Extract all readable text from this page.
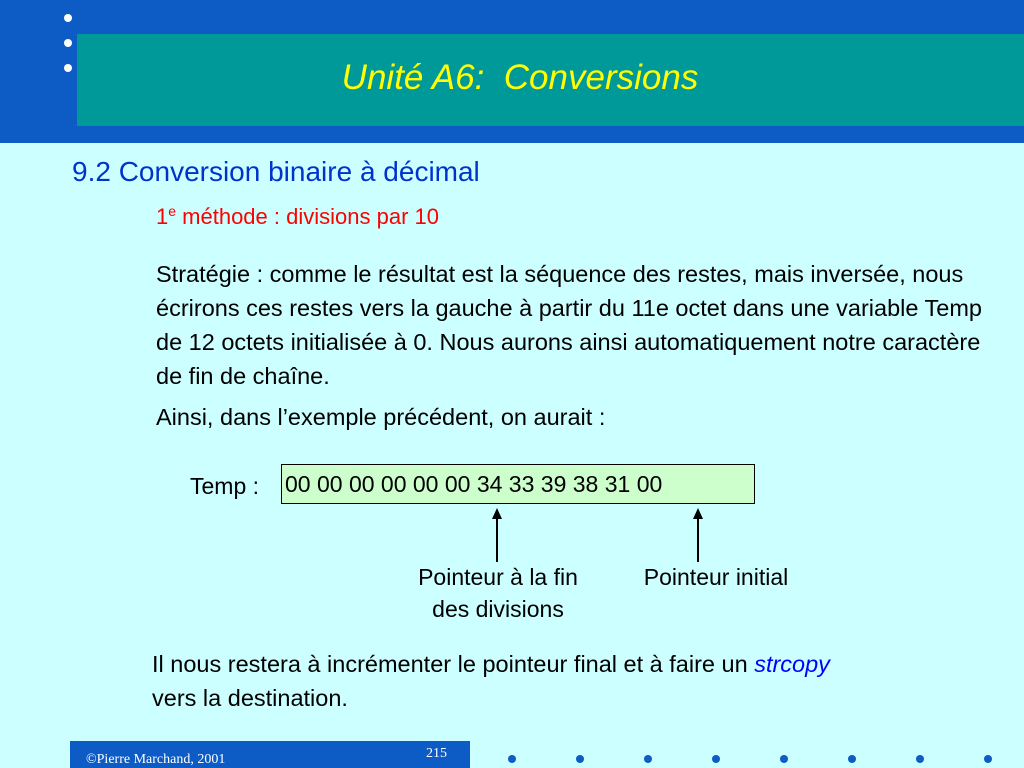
Unité A6:  Conversions
9.2 Conversion binaire à décimal
1e méthode : divisions par 10
Stratégie : comme le résultat est la séquence des restes, mais inversée, nous écrirons ces restes vers la gauche à partir du 11e octet dans une variable Temp de 12 octets initialisée à 0. Nous aurons ainsi automatiquement notre caractère de fin de chaîne.
Ainsi, dans l’exemple précédent, on aurait :
Temp : 00 00 00 00 00 00 34 33 39 38 31 00
Pointeur à la fin
des divisions
Pointeur initial
Il nous restera à incrémenter le pointeur final et à faire un strcopy
vers la destination.
©Pierre Marchand, 2001	215
